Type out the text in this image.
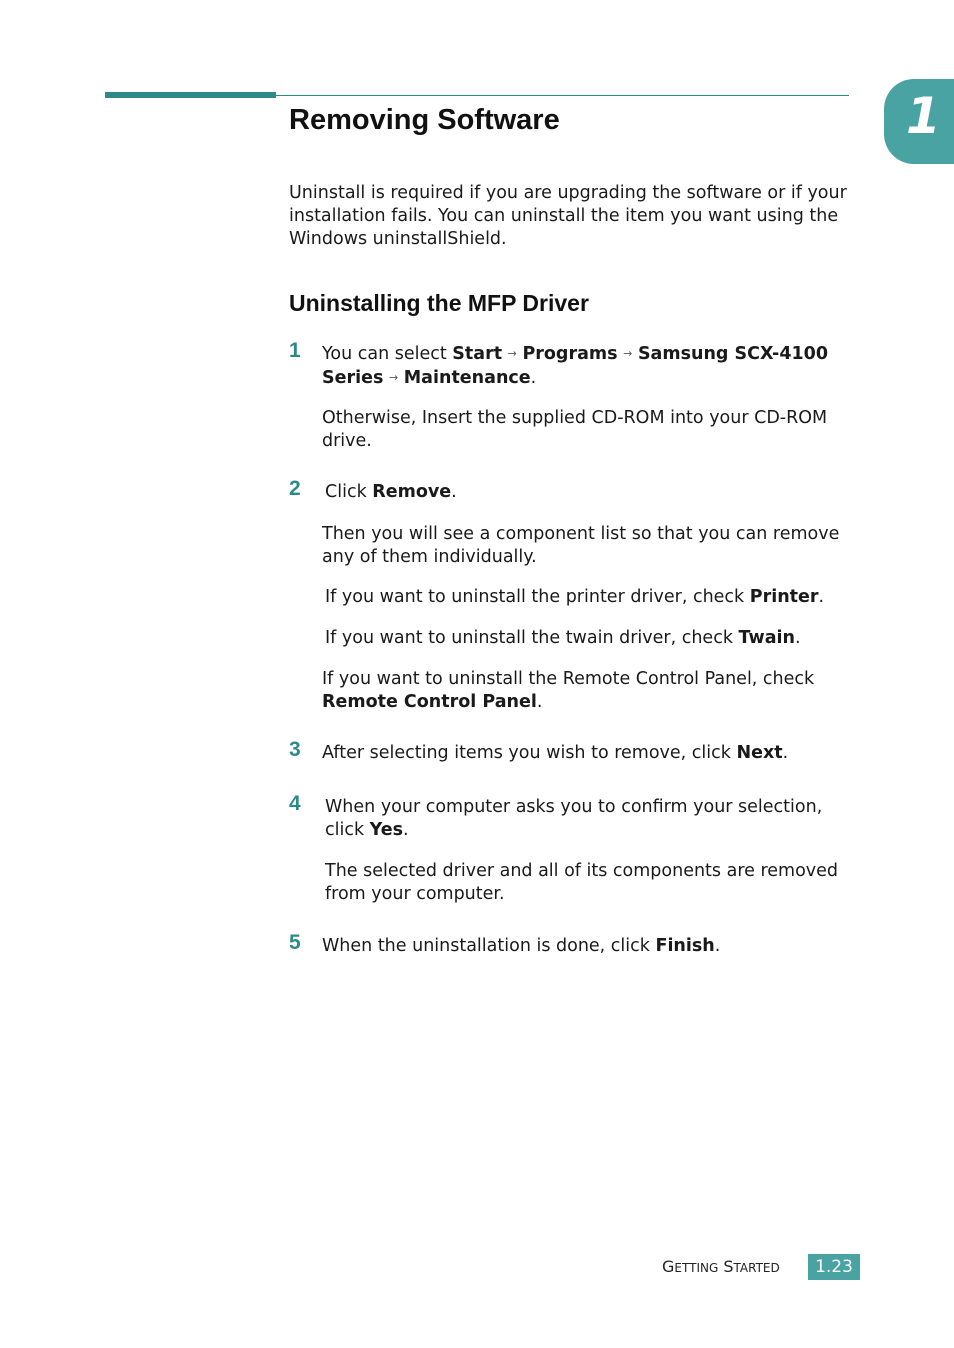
1
Removing Software

Uninstall is required if you are upgrading the software or if your installation fails. You can uninstall the item you want using the Windows uninstallShield.

Uninstalling the MFP Driver
1 You can select Start → Programs → Samsung SCX-4100 Series → Maintenance.

Otherwise, Insert the supplied CD-ROM into your CD-ROM drive.

2 Click Remove.

Then you will see a component list so that you can remove any of them individually.

If you want to uninstall the printer driver, check Printer.

If you want to uninstall the twain driver, check Twain.

If you want to uninstall the Remote Control Panel, check Remote Control Panel.

3 After selecting items you wish to remove, click Next.

4 When your computer asks you to confirm your selection, click Yes.

The selected driver and all of its components are removed from your computer.

5 When the uninstallation is done, click Finish.

GETTING STARTED	1.23
